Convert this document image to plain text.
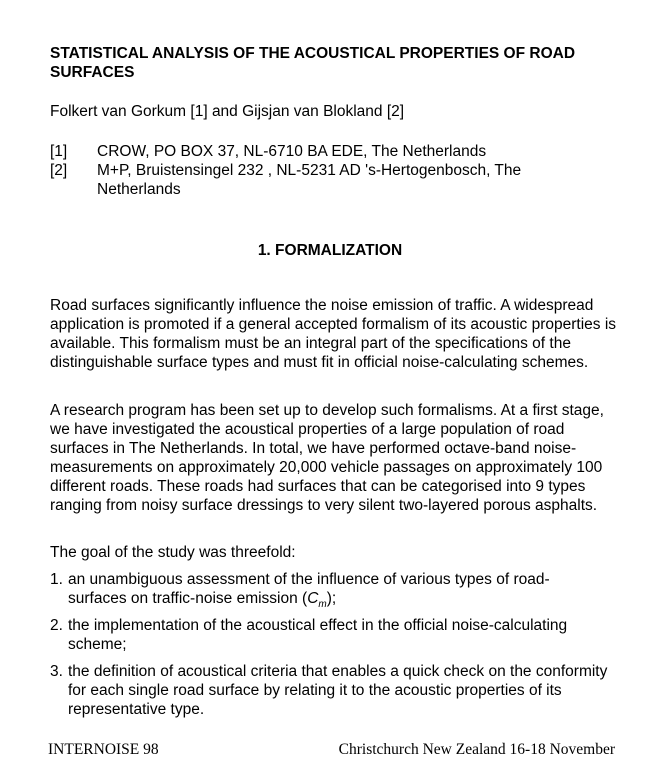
STATISTICAL ANALYSIS OF THE ACOUSTICAL PROPERTIES OF ROAD SURFACES
Folkert van Gorkum [1] and Gijsjan van Blokland [2]
[1] CROW, PO BOX 37, NL-6710 BA EDE, The Netherlands
[2] M+P, Bruistensingel 232 , NL-5231 AD 's-Hertogenbosch, The Netherlands
1. FORMALIZATION
Road surfaces significantly influence the noise emission of traffic. A widespread application is promoted if a general accepted formalism of its acoustic properties is available. This formalism must be an integral part of the specifications of the distinguishable surface types and must fit in official noise-calculating schemes.
A research program has been set up to develop such formalisms. At a first stage, we have investigated the acoustical properties of a large population of road surfaces in The Netherlands. In total, we have performed octave-band noise-measurements on approximately 20,000 vehicle passages on approximately 100 different roads. These roads had surfaces that can be categorised into 9 types ranging from noisy surface dressings to very silent two-layered porous asphalts.
The goal of the study was threefold:
1. an unambiguous assessment of the influence of various types of road-surfaces on traffic-noise emission $(C_m)$;
2. the implementation of the acoustical effect in the official noise-calculating scheme;
3. the definition of acoustical criteria that enables a quick check on the conformity for each single road surface by relating it to the acoustic properties of its representative type.
INTERNOISE 98	Christchurch New Zealand 16-18 November
